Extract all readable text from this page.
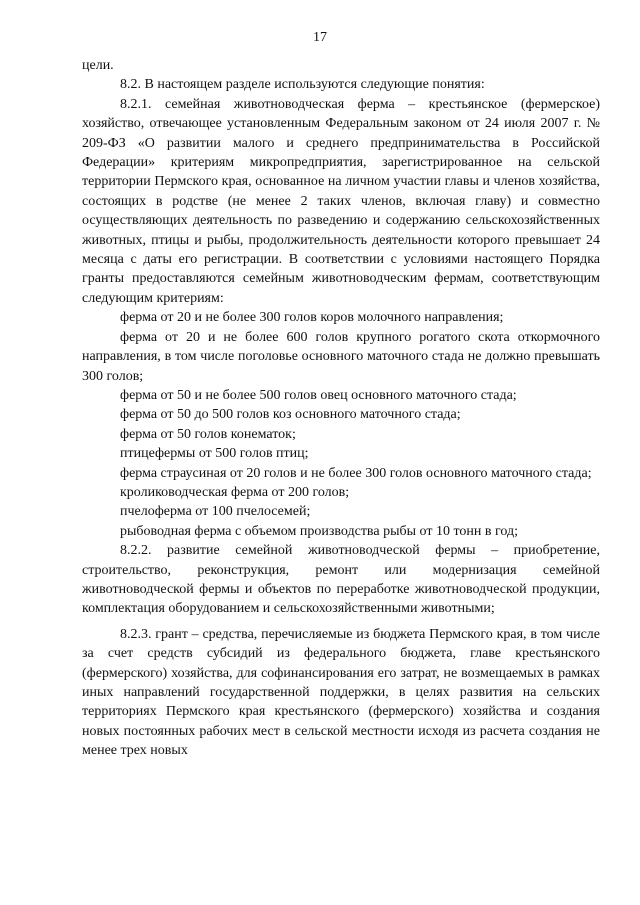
17

цели.

8.2. В настоящем разделе используются следующие понятия:

8.2.1. семейная животноводческая ферма – крестьянское (фермерское) хозяйство, отвечающее установленным Федеральным законом от 24 июля 2007 г. № 209-ФЗ «О развитии малого и среднего предпринимательства в Российской Федерации» критериям микропредприятия, зарегистрированное на сельской территории Пермского края, основанное на личном участии главы и членов хозяйства, состоящих в родстве (не менее 2 таких членов, включая главу) и совместно осуществляющих деятельность по разведению и содержанию сельскохозяйственных животных, птицы и рыбы, продолжительность деятельности которого превышает 24 месяца с даты его регистрации. В соответствии с условиями настоящего Порядка гранты предоставляются семейным животноводческим фермам, соответствующим следующим критериям:

ферма от 20 и не более 300 голов коров молочного направления;

ферма от 20 и не более 600 голов крупного рогатого скота откормочного направления, в том числе поголовье основного маточного стада не должно превышать 300 голов;

ферма от 50 и не более 500 голов овец основного маточного стада;

ферма от 50 до 500 голов коз основного маточного стада;

ферма от 50 голов конематок;

птицефермы от 500 голов птиц;

ферма страусиная от 20 голов и не более 300 голов основного маточного стада;

кролиководческая ферма от 200 голов;

пчелоферма от 100 пчелосемей;

рыбоводная ферма с объемом производства рыбы от 10 тонн в год;

8.2.2. развитие семейной животноводческой фермы – приобретение, строительство, реконструкция, ремонт или модернизация семейной животноводческой фермы и объектов по переработке животноводческой продукции, комплектация оборудованием и сельскохозяйственными животными;

8.2.3. грант – средства, перечисляемые из бюджета Пермского края, в том числе за счет средств субсидий из федерального бюджета, главе крестьянского (фермерского) хозяйства, для софинансирования его затрат, не возмещаемых в рамках иных направлений государственной поддержки, в целях развития на сельских территориях Пермского края крестьянского (фермерского) хозяйства и создания новых постоянных рабочих мест в сельской местности исходя из расчета создания не менее трех новых
